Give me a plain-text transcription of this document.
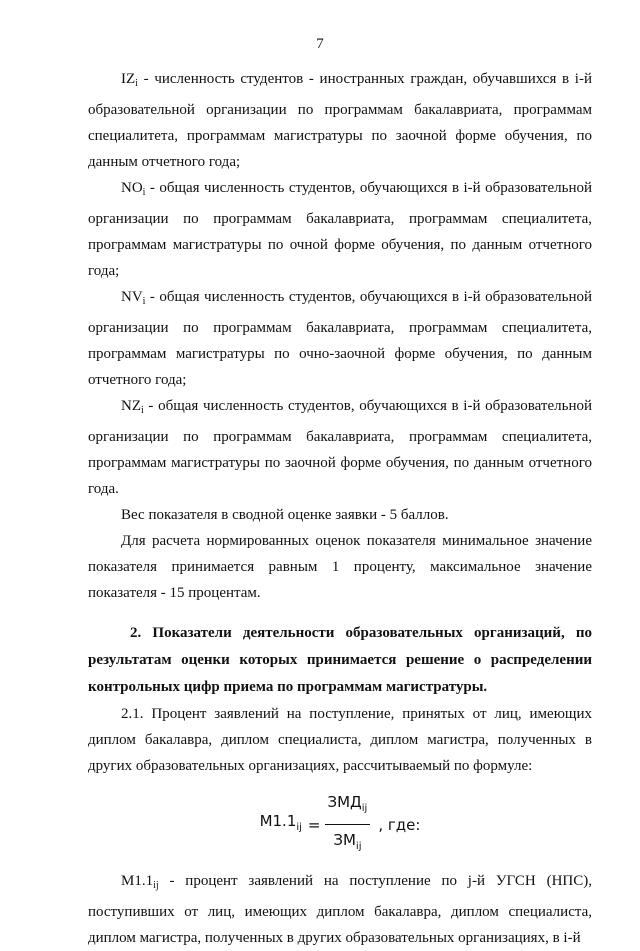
7

$IZ_i$ - численность студентов - иностранных граждан, обучавшихся в i-й образовательной организации по программам бакалавриата, программам специалитета, программам магистратуры по заочной форме обучения, по данным отчетного года;

$NO_i$ - общая численность студентов, обучающихся в i-й образовательной организации по программам бакалавриата, программам специалитета, программам магистратуры по очной форме обучения, по данным отчетного года;

$NV_i$ - общая численность студентов, обучающихся в i-й образовательной организации по программам бакалавриата, программам специалитета, программам магистратуры по очно-заочной форме обучения, по данным отчетного года;

$NZ_i$ - общая численность студентов, обучающихся в i-й образовательной организации по программам бакалавриата, программам специалитета, программам магистратуры по заочной форме обучения, по данным отчетного года.

Вес показателя в сводной оценке заявки - 5 баллов.

Для расчета нормированных оценок показателя минимальное значение показателя принимается равным 1 проценту, максимальное значение показателя - 15 процентам.

2. Показатели деятельности образовательных организаций, по результатам оценки которых принимается решение о распределении контрольных цифр приема по программам магистратуры.

2.1. Процент заявлений на поступление, принятых от лиц, имеющих диплом бакалавра, диплом специалиста, диплом магистра, полученных в других образовательных организациях, рассчитываемый по формуле:

$М1.1_{ij} = \frac{ЗМД_{ij}}{ЗМ_{ij}}$ , где:

$М1.1_{ij}$ - процент заявлений на поступление по j-й УГСН (НПС), поступивших от лиц, имеющих диплом бакалавра, диплом специалиста, диплом магистра, полученных в других образовательных организациях, в i-й
